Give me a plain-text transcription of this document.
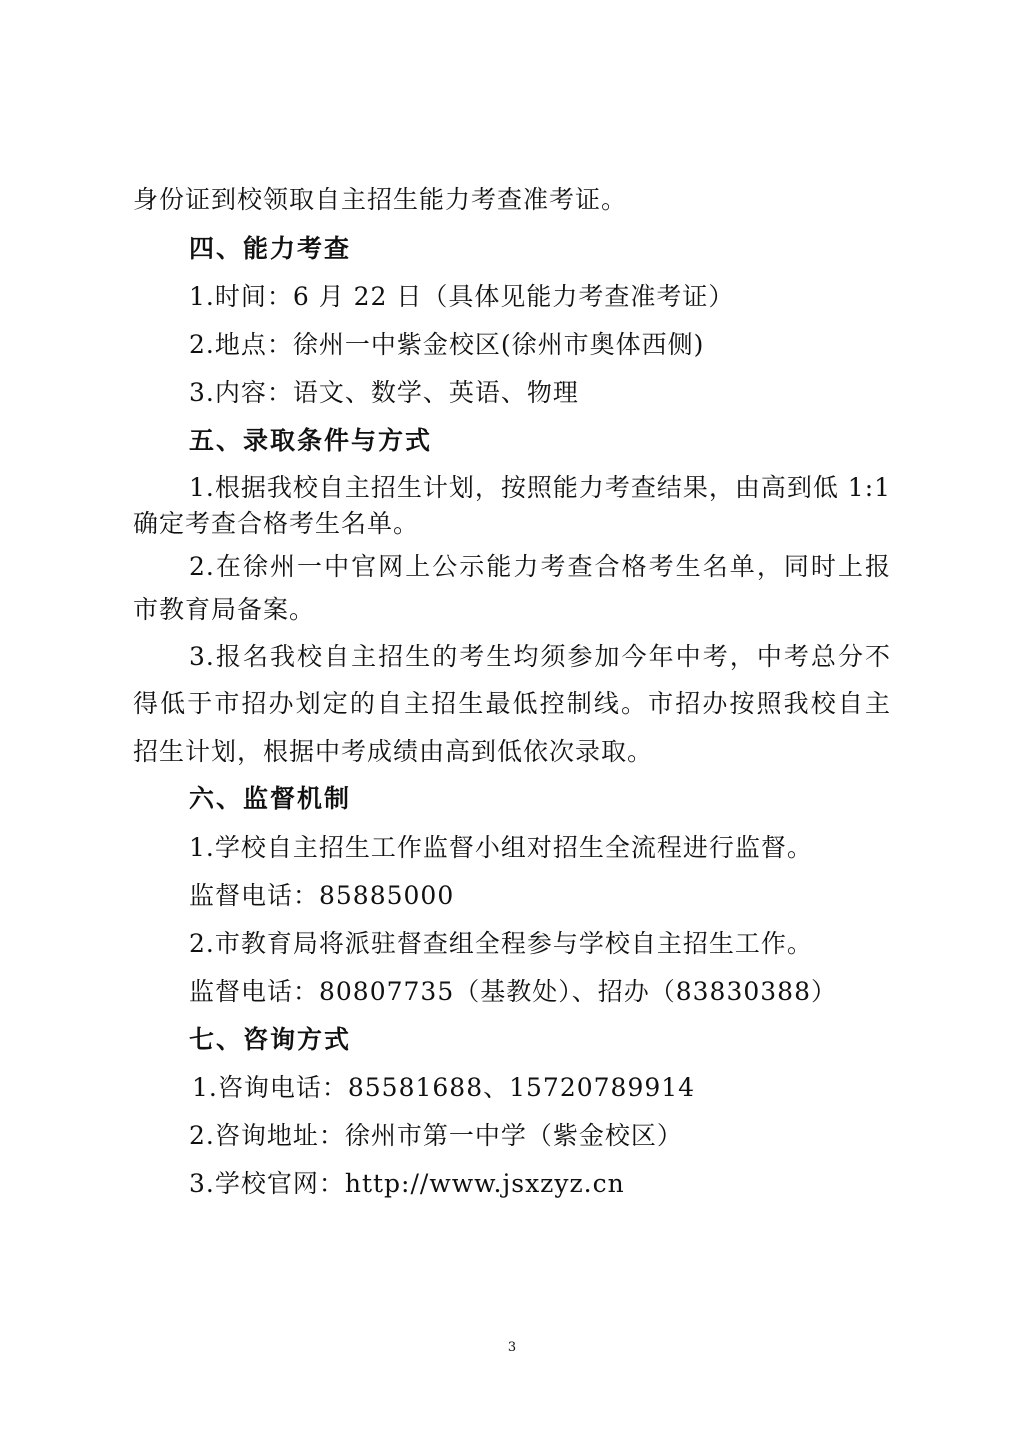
身份证到校领取自主招生能力考查准考证。
四、能力考查
1.时间：6 月 22 日（具体见能力考查准考证）
2.地点：徐州一中紫金校区(徐州市奥体西侧)
3.内容：语文、数学、英语、物理
五、录取条件与方式
1.根据我校自主招生计划，按照能力考查结果，由高到低 1:1
确定考查合格考生名单。
2.在徐州一中官网上公示能力考查合格考生名单，同时上报
市教育局备案。
3.报名我校自主招生的考生均须参加今年中考，中考总分不
得低于市招办划定的自主招生最低控制线。市招办按照我校自主
招生计划，根据中考成绩由高到低依次录取。
六、监督机制
1.学校自主招生工作监督小组对招生全流程进行监督。
监督电话：85885000
2.市教育局将派驻督查组全程参与学校自主招生工作。
监督电话：80807735（基教处）、招办（83830388）
七、咨询方式
1.咨询电话：85581688、15720789914
2.咨询地址：徐州市第一中学（紫金校区）
3.学校官网：http://www.jsxzyz.cn
3
